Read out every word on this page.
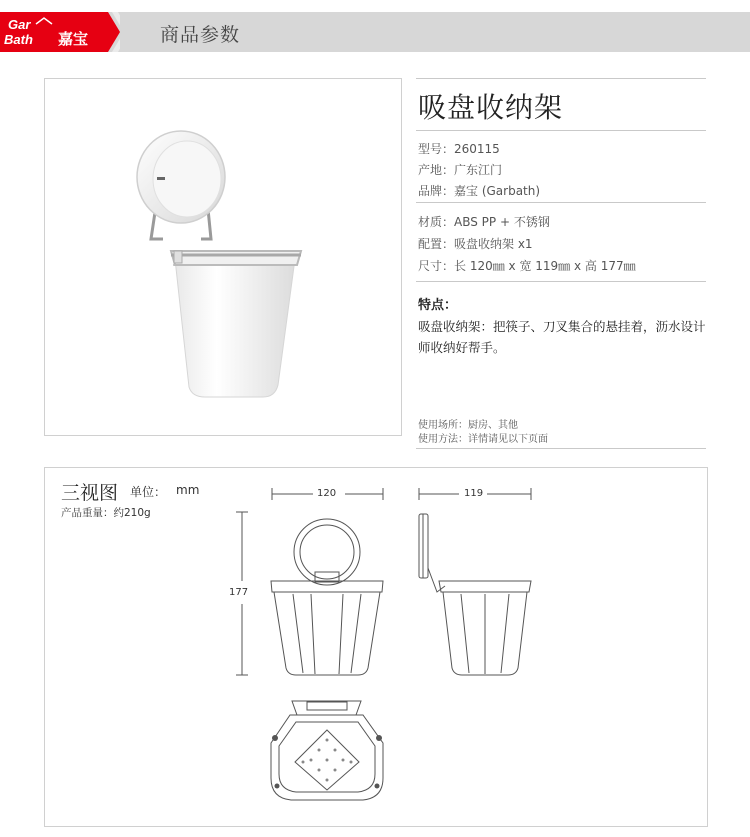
Gar
Bath 嘉宝	商品参数
吸盘收纳架
型号：260115
产地：广东江门
品牌：嘉宝 (Garbath)
材质：ABS PP + 不锈钢
配置：吸盘收纳架 x1
尺寸：长 120㎜ x 宽 119㎜ x 高 177㎜
特点：
吸盘收纳架：把筷子、刀叉集合的悬挂着，沥水设计师收纳好帮手。
使用场所：厨房、其他
使用方法：详情请见以下页面
三视图 单位： mm
产品重量：约210g
120	119
177
